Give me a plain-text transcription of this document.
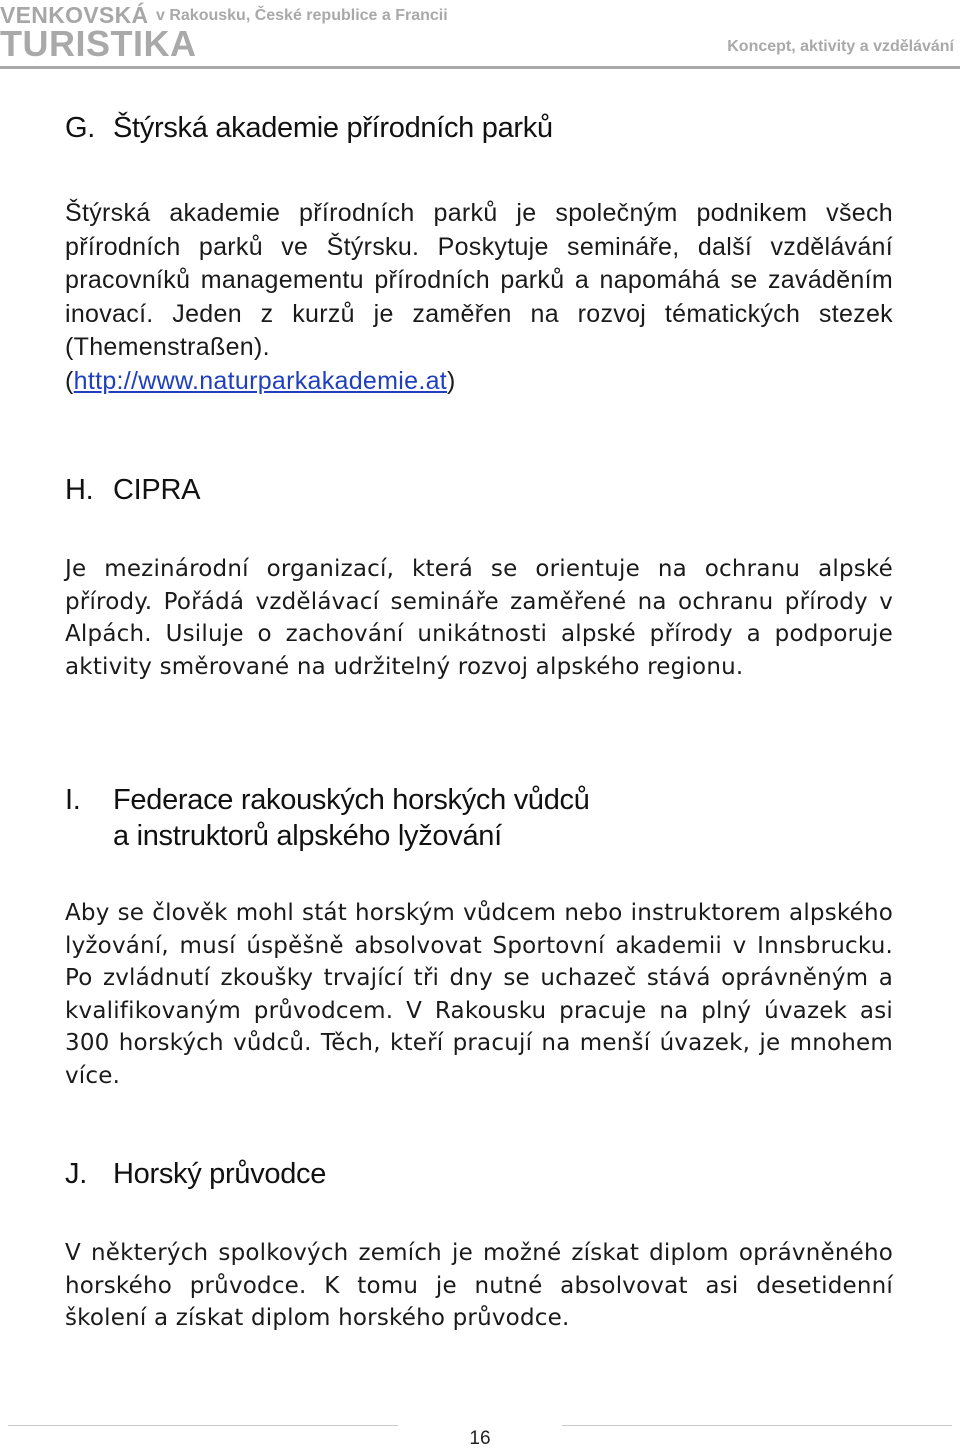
VENKOVSKÁ v Rakousku, České republice a Francii
TURISTIKA	Koncept, aktivity a vzdělávání
G. Štýrská akademie přírodních parků
Štýrská akademie přírodních parků je společným podnikem všech přírodních parků ve Štýrsku. Poskytuje semináře, další vzdělávání pracovníků managementu přírodních parků a napomáhá se zaváděním inovací. Jeden z kurzů je zaměřen na rozvoj tématických stezek (Themenstraßen).
(http://www.naturparkakademie.at)
H. CIPRA

Je mezinárodní organizací, která se orientuje na ochranu alpské přírody. Pořádá vzdělávací semináře zaměřené na ochranu přírody v Alpách. Usiluje o zachování unikátnosti alpské přírody a podporuje aktivity směrované na udržitelný rozvoj alpského regionu.

I. Federace rakouských horských vůdců
a instruktorů alpského lyžování

Aby se člověk mohl stát horským vůdcem nebo instruktorem alpského lyžování, musí úspěšně absolvovat Sportovní akademii v Innsbrucku. Po zvládnutí zkoušky trvající tři dny se uchazeč stává oprávněným a kvalifikovaným průvodcem. V Rakousku pracuje na plný úvazek asi 300 horských vůdců. Těch, kteří pracují na menší úvazek, je mnohem více.

J. Horský průvodce

V některých spolkových zemích je možné získat diplom oprávněného horského průvodce. K tomu je nutné absolvovat asi desetidenní školení a získat diplom horského průvodce.

16
